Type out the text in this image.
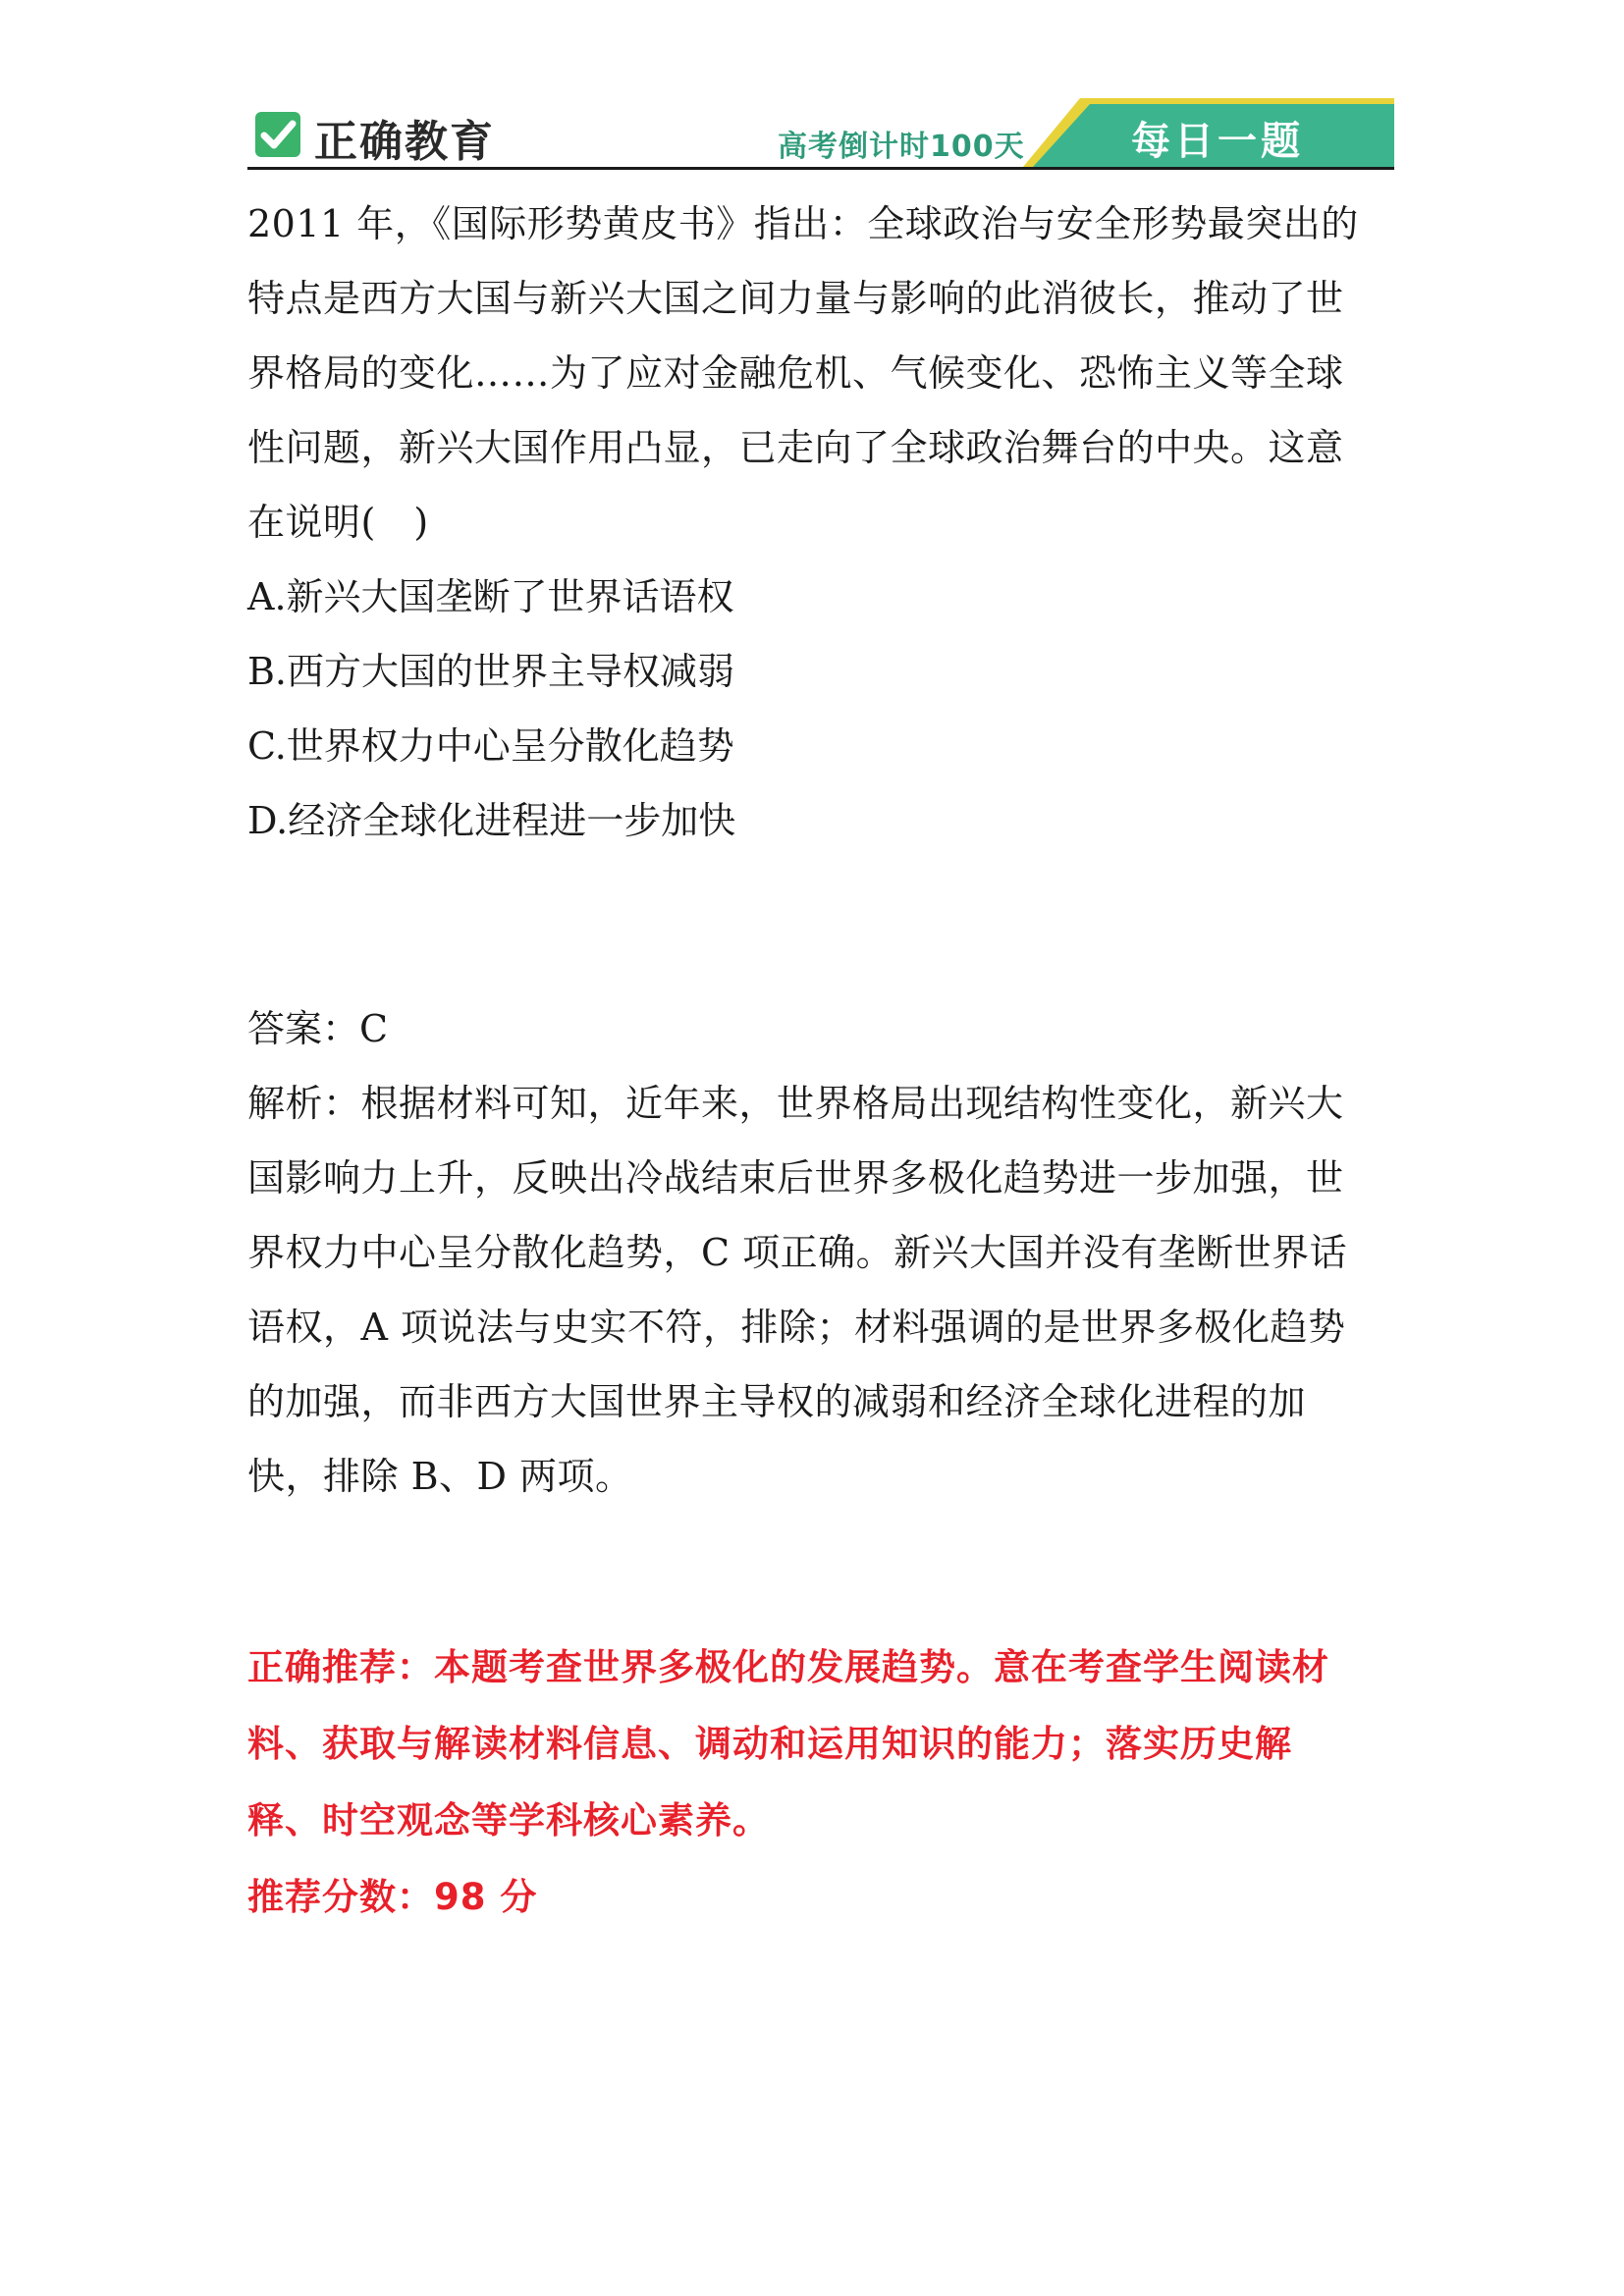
正确教育	高考倒计时100天	每日一题

2011 年，《国际形势黄皮书》指出：全球政治与安全形势最突出的

特点是西方大国与新兴大国之间力量与影响的此消彼长，推动了世

界格局的变化……为了应对金融危机、气候变化、恐怖主义等全球

性问题，新兴大国作用凸显，已走向了全球政治舞台的中央。这意

在说明(　)

A.新兴大国垄断了世界话语权

B.西方大国的世界主导权减弱

C.世界权力中心呈分散化趋势

D.经济全球化进程进一步加快

答案：C

解析：根据材料可知，近年来，世界格局出现结构性变化，新兴大

国影响力上升，反映出冷战结束后世界多极化趋势进一步加强，世

界权力中心呈分散化趋势，C 项正确。新兴大国并没有垄断世界话

语权，A 项说法与史实不符，排除；材料强调的是世界多极化趋势

的加强，而非西方大国世界主导权的减弱和经济全球化进程的加

快，排除 B、D 两项。

正确推荐：本题考查世界多极化的发展趋势。意在考查学生阅读材

料、获取与解读材料信息、调动和运用知识的能力；落实历史解

释、时空观念等学科核心素养。

推荐分数：98 分
